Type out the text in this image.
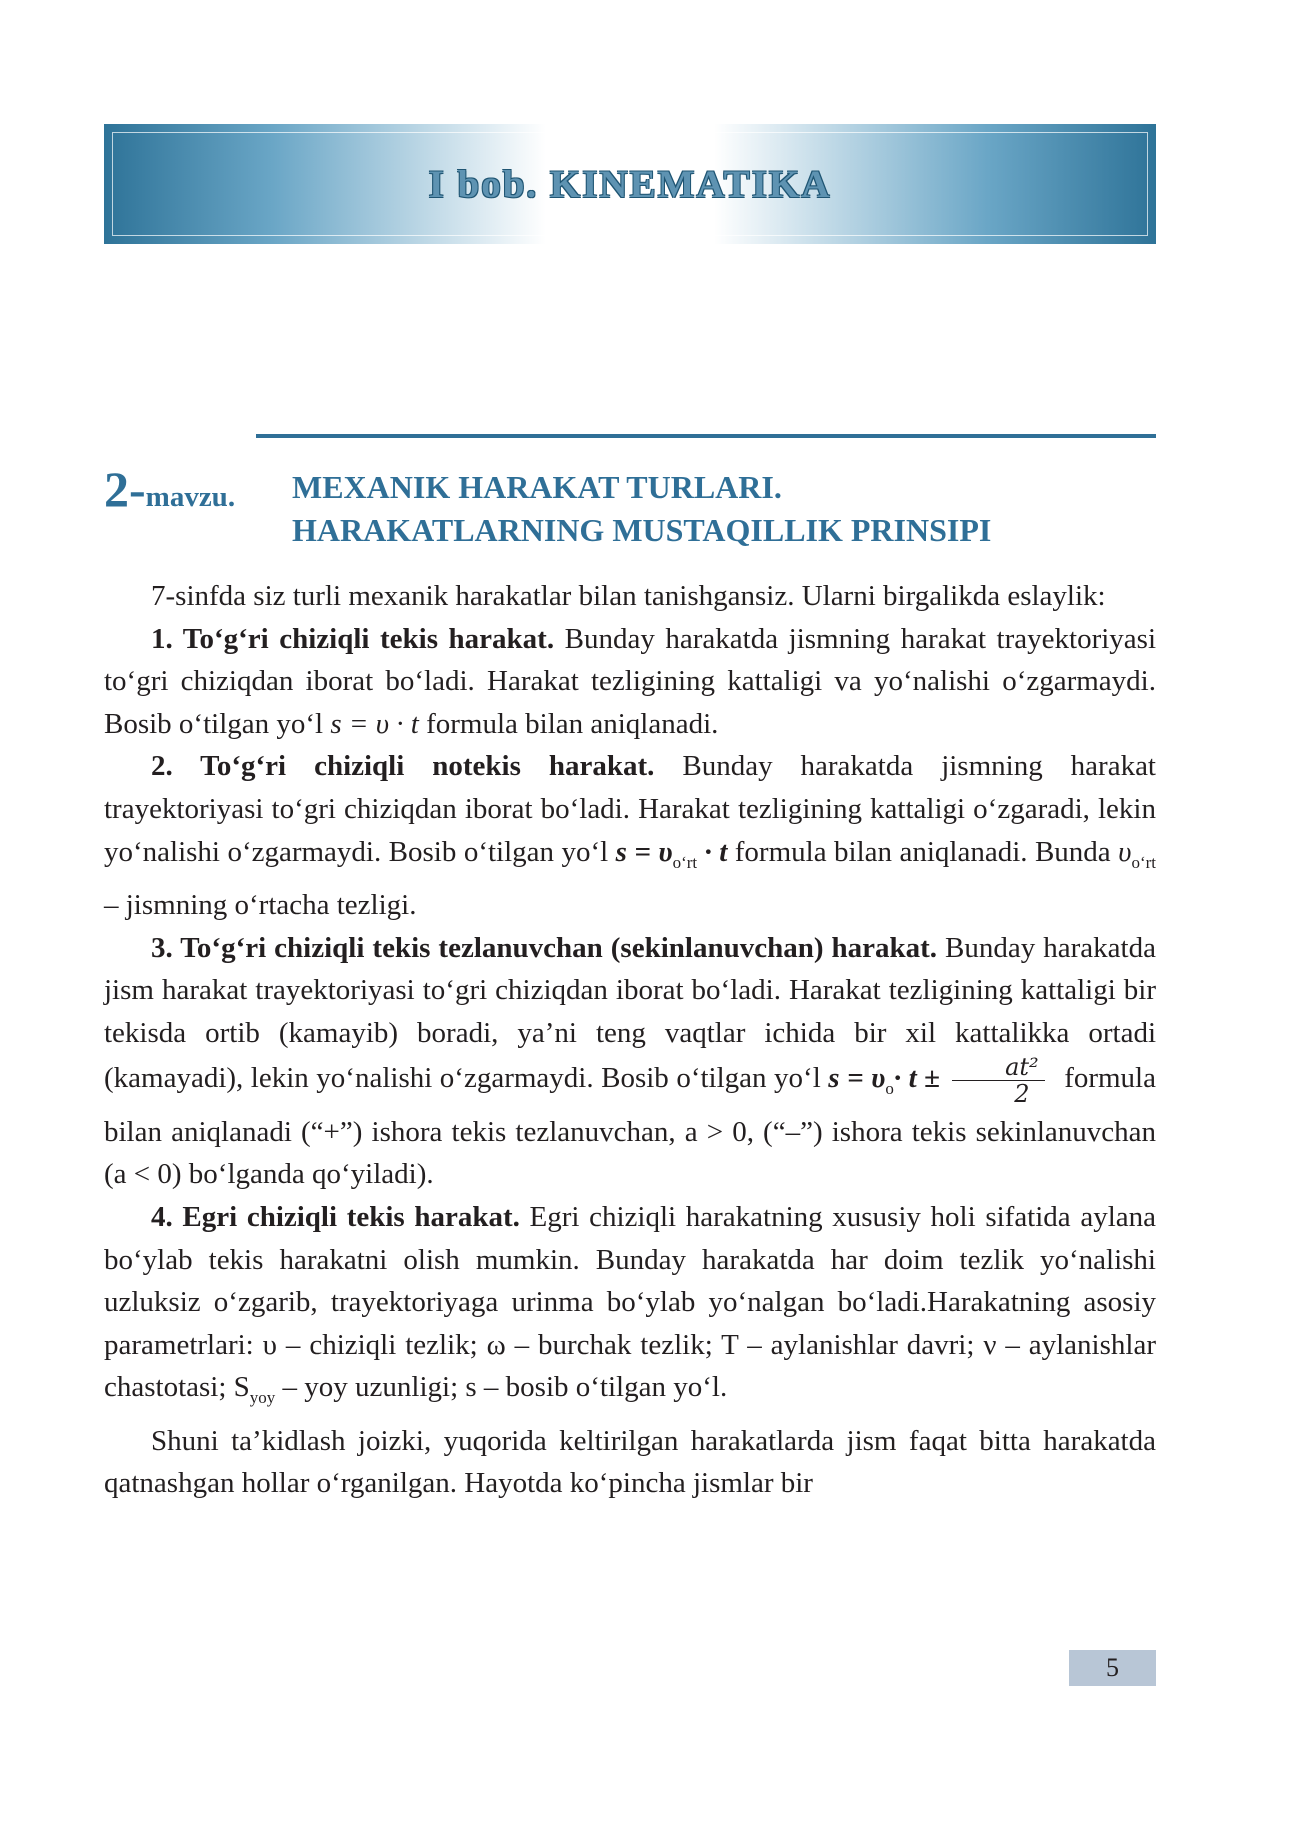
I bob. KINEMATIKA
2-mavzu. MEXANIK HARAKAT TURLARI.
HARAKATLARNING MUSTAQILLIK PRINSIPI

7-sinfda siz turli mexanik harakatlar bilan tanishgansiz. Ularni birgalikda eslaylik:

1. To‘g‘ri chiziqli tekis harakat. Bunday harakatda jismning harakat trayektoriyasi to‘gri chiziqdan iborat bo‘ladi. Harakat tezligining kattaligi va yo‘nalishi o‘zgarmaydi. Bosib o‘tilgan yo‘l s = υ · t formula bilan aniqlanadi.

2. To‘g‘ri chiziqli notekis harakat. Bunday harakatda jismning harakat trayektoriyasi to‘gri chiziqdan iborat bo‘ladi. Harakat tezligining kattaligi o‘zgaradi, lekin yo‘nalishi o‘zgarmaydi. Bosib o‘tilgan yo‘l $s = \upsilon_{o‘rt} \cdot t$ formula bilan aniqlanadi. Bunda $\upsilon_{o‘rt}$ – jismning o‘rtacha tezligi.

3. To‘g‘ri chiziqli tekis tezlanuvchan (sekinlanuvchan) harakat. Bunday harakatda jism harakat trayektoriyasi to‘gri chiziqdan iborat bo‘ladi. Harakat tezligining kattaligi bir tekisda ortib (kamayib) boradi, ya’ni teng vaqtlar ichida bir xil kattalikka ortadi (kamayadi), lekin yo‘nalishi o‘zgarmaydi. Bosib o‘tilgan yo‘l $s = \upsilon_o\cdot t \pm \frac{\text{at²}}{2}$ formula bilan aniqlanadi (“+”) ishora tekis tezlanuvchan, a > 0, (“–”) ishora tekis sekinlanuvchan (a < 0) bo‘lganda qo‘yiladi).

4. Egri chiziqli tekis harakat. Egri chiziqli harakatning xususiy holi sifatida aylana bo‘ylab tekis harakatni olish mumkin. Bunday harakatda har doim tezlik yo‘nalishi uzluksiz o‘zgarib, trayektoriyaga urinma bo‘ylab yo‘nalgan bo‘ladi.Harakatning asosiy parametrlari: υ – chiziqli tezlik; ω – burchak tezlik; T – aylanishlar davri; ν – aylanishlar chastotasi; $S_{yoy}$ – yoy uzunligi; s – bosib o‘tilgan yo‘l.

Shuni ta’kidlash joizki, yuqorida keltirilgan harakatlarda jism faqat bitta harakatda qatnashgan hollar o‘rganilgan. Hayotda ko‘pincha jismlar bir

5
